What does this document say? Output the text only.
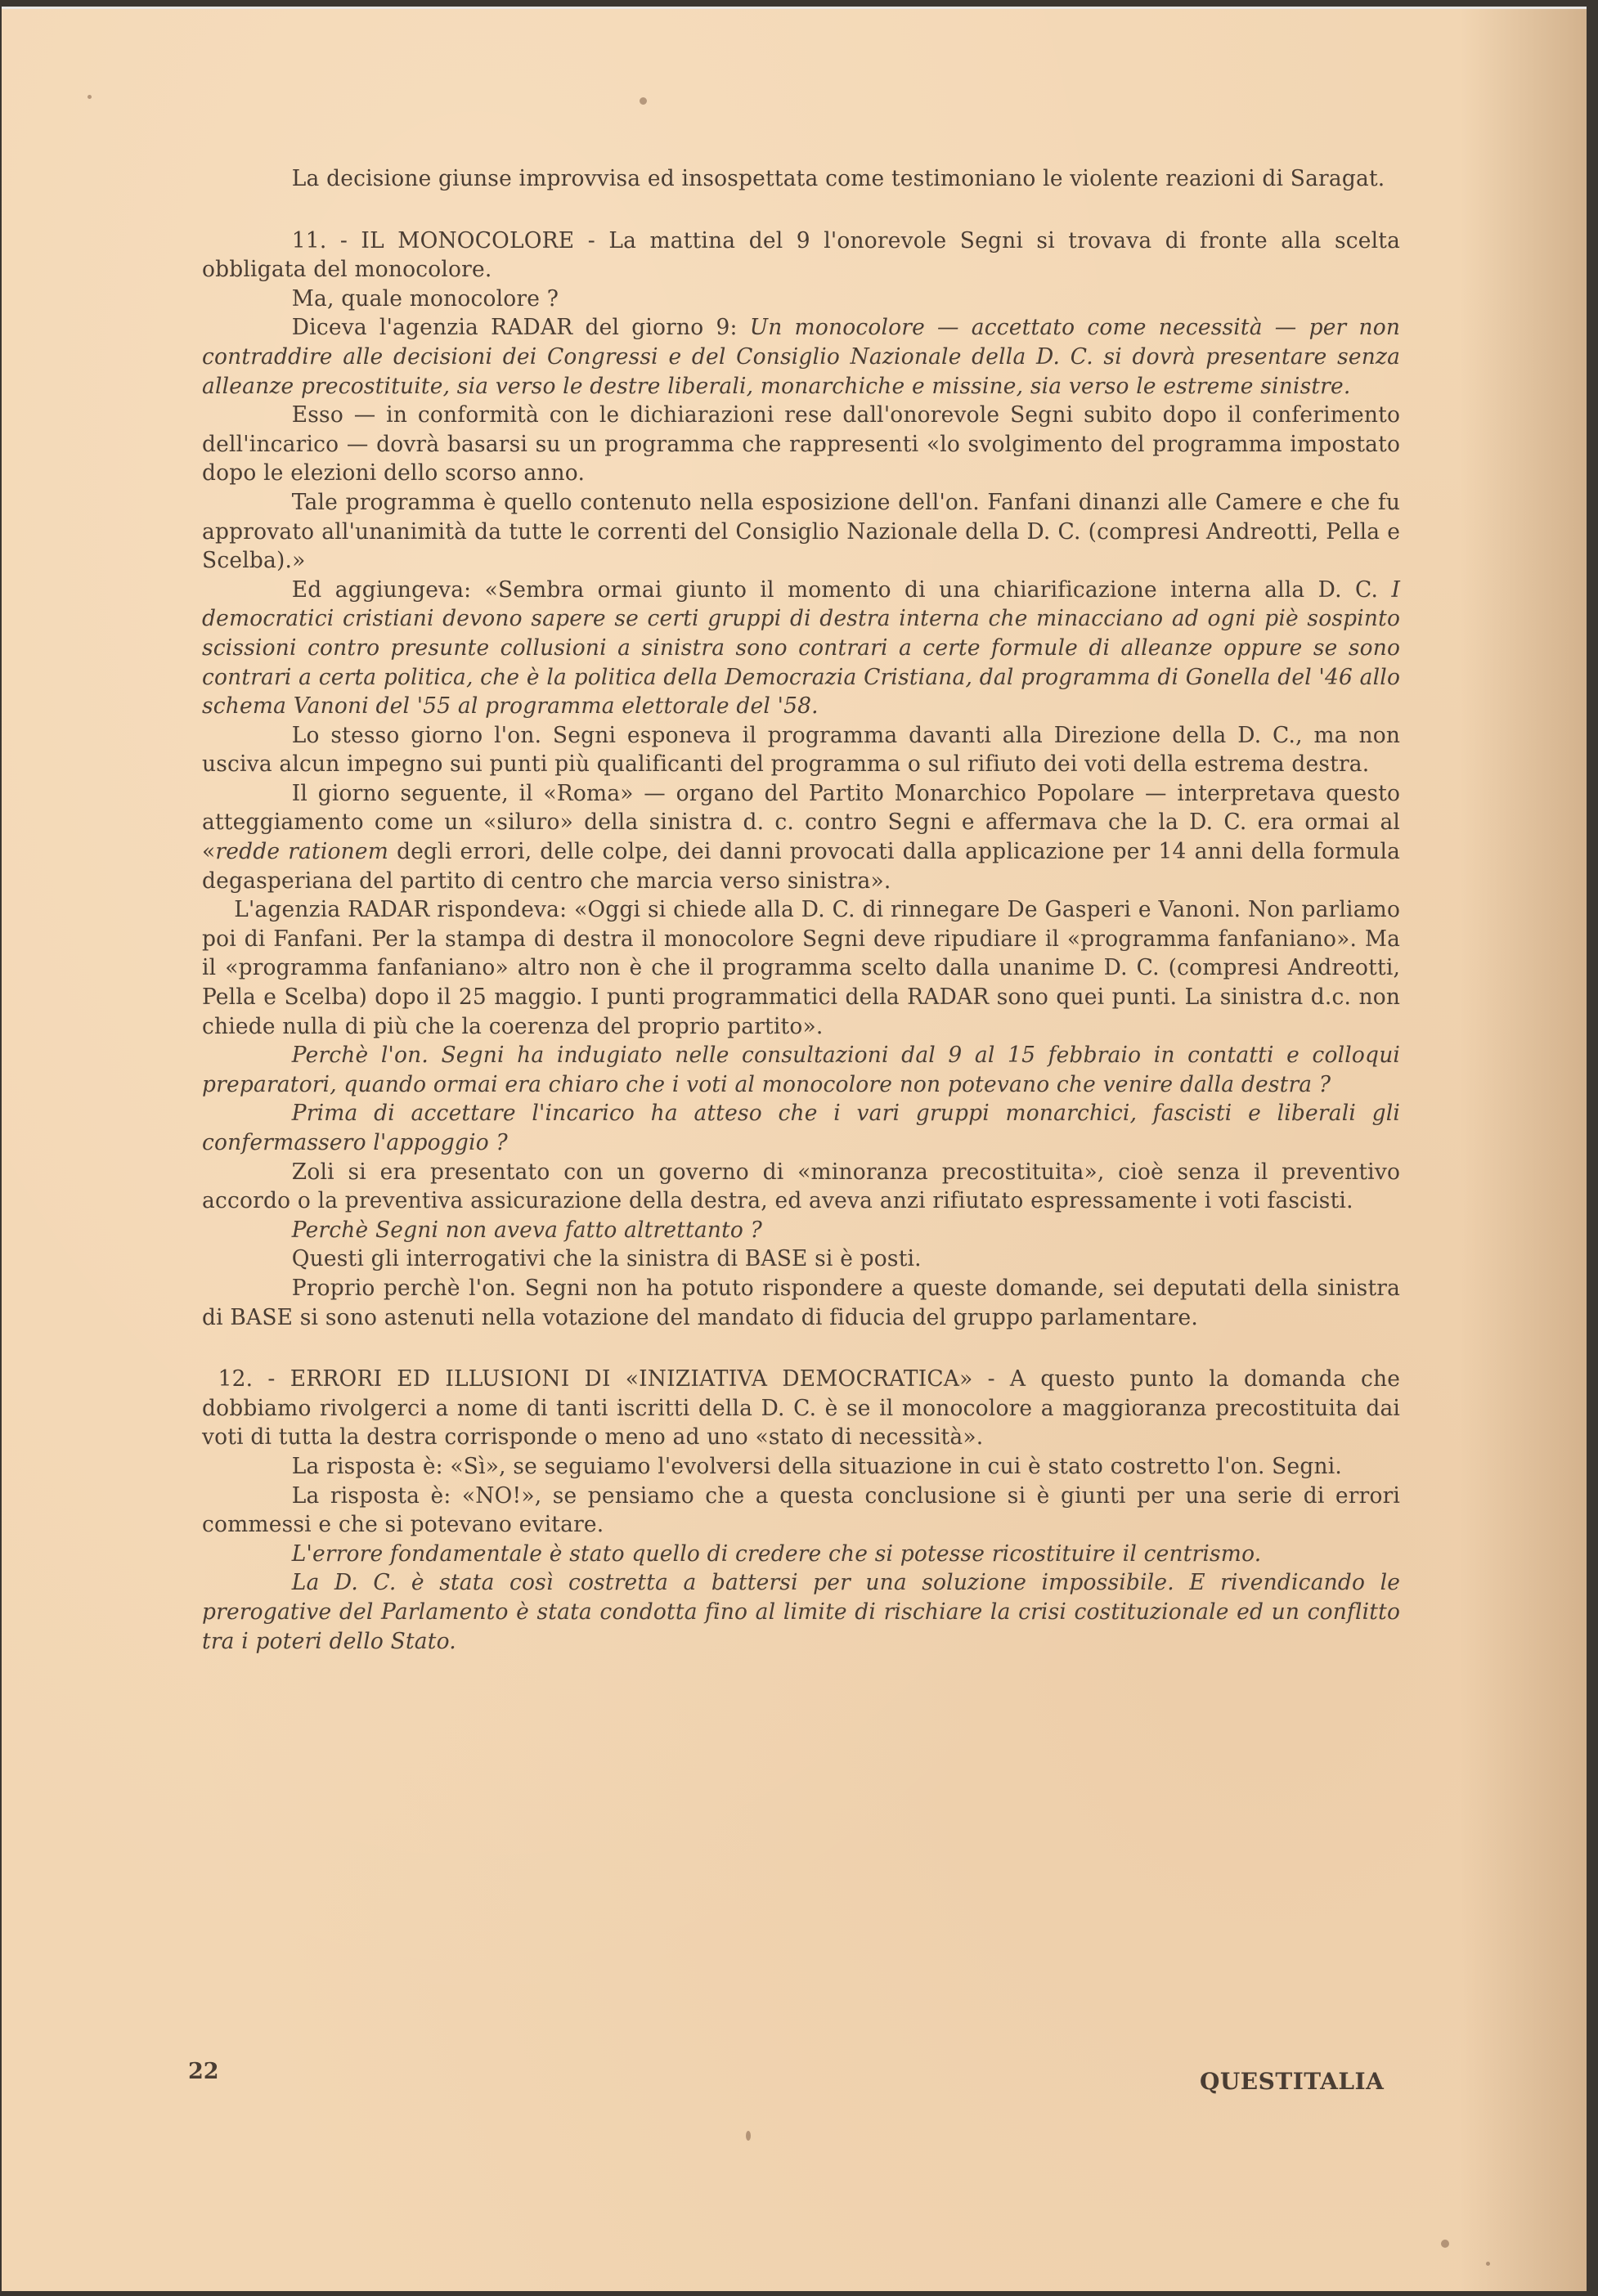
La decisione giunse improvvisa ed insospettata come testimoniano le violente reazioni di Saragat.

11. - IL MONOCOLORE - La mattina del 9 l'onorevole Segni si trovava di fronte alla scelta obbligata del monocolore.

Ma, quale monocolore ?

Diceva l'agenzia RADAR del giorno 9: Un monocolore — accettato come necessità — per non contraddire alle decisioni dei Congressi e del Consiglio Nazionale della D. C. si dovrà presentare senza alleanze precostituite, sia verso le destre liberali, monarchiche e missine, sia verso le estreme sinistre.

Esso — in conformità con le dichiarazioni rese dall'onorevole Segni subito dopo il conferimento dell'incarico — dovrà basarsi su un programma che rappresenti «lo svolgimento del programma impostato dopo le elezioni dello scorso anno.

Tale programma è quello contenuto nella esposizione dell'on. Fanfani dinanzi alle Camere e che fu approvato all'unanimità da tutte le correnti del Consiglio Nazionale della D. C. (compresi Andreotti, Pella e Scelba).»

Ed aggiungeva: «Sembra ormai giunto il momento di una chiarificazione interna alla D. C. I democratici cristiani devono sapere se certi gruppi di destra interna che minacciano ad ogni piè sospinto scissioni contro presunte collusioni a sinistra sono contrari a certe formule di alleanze oppure se sono contrari a certa politica, che è la politica della Democrazia Cristiana, dal programma di Gonella del '46 allo schema Vanoni del '55 al programma elettorale del '58.

Lo stesso giorno l'on. Segni esponeva il programma davanti alla Direzione della D. C., ma non usciva alcun impegno sui punti più qualificanti del programma o sul rifiuto dei voti della estrema destra.

Il giorno seguente, il «Roma» — organo del Partito Monarchico Popolare — interpretava questo atteggiamento come un «siluro» della sinistra d. c. contro Segni e affermava che la D. C. era ormai al «redde rationem degli errori, delle colpe, dei danni provocati dalla applicazione per 14 anni della formula degasperiana del partito di centro che marcia verso sinistra».

L'agenzia RADAR rispondeva: «Oggi si chiede alla D. C. di rinnegare De Gasperi e Vanoni. Non parliamo poi di Fanfani. Per la stampa di destra il monocolore Segni deve ripudiare il «programma fanfaniano». Ma il «programma fanfaniano» altro non è che il programma scelto dalla unanime D. C. (compresi Andreotti, Pella e Scelba) dopo il 25 maggio. I punti programmatici della RADAR sono quei punti. La sinistra d.c. non chiede nulla di più che la coerenza del proprio partito».

Perchè l'on. Segni ha indugiato nelle consultazioni dal 9 al 15 febbraio in contatti e colloqui preparatori, quando ormai era chiaro che i voti al monocolore non potevano che venire dalla destra ?

Prima di accettare l'incarico ha atteso che i vari gruppi monarchici, fascisti e liberali gli confermassero l'appoggio ?

Zoli si era presentato con un governo di «minoranza precostituita», cioè senza il preventivo accordo o la preventiva assicurazione della destra, ed aveva anzi rifiutato espressamente i voti fascisti.

Perchè Segni non aveva fatto altrettanto ?

Questi gli interrogativi che la sinistra di BASE si è posti.

Proprio perchè l'on. Segni non ha potuto rispondere a queste domande, sei deputati della sinistra di BASE si sono astenuti nella votazione del mandato di fiducia del gruppo parlamentare.

12. - ERRORI ED ILLUSIONI DI «INIZIATIVA DEMOCRATICA» - A questo punto la domanda che dobbiamo rivolgerci a nome di tanti iscritti della D. C. è se il monocolore a maggioranza precostituita dai voti di tutta la destra corrisponde o meno ad uno «stato di necessità».

La risposta è: «Sì», se seguiamo l'evolversi della situazione in cui è stato costretto l'on. Segni.

La risposta è: «NO!», se pensiamo che a questa conclusione si è giunti per una serie di errori commessi e che si potevano evitare.

L'errore fondamentale è stato quello di credere che si potesse ricostituire il centrismo.

La D. C. è stata così costretta a battersi per una soluzione impossibile. E rivendicando le prerogative del Parlamento è stata condotta fino al limite di rischiare la crisi costituzionale ed un conflitto tra i poteri dello Stato.

22	QUESTITALIA
